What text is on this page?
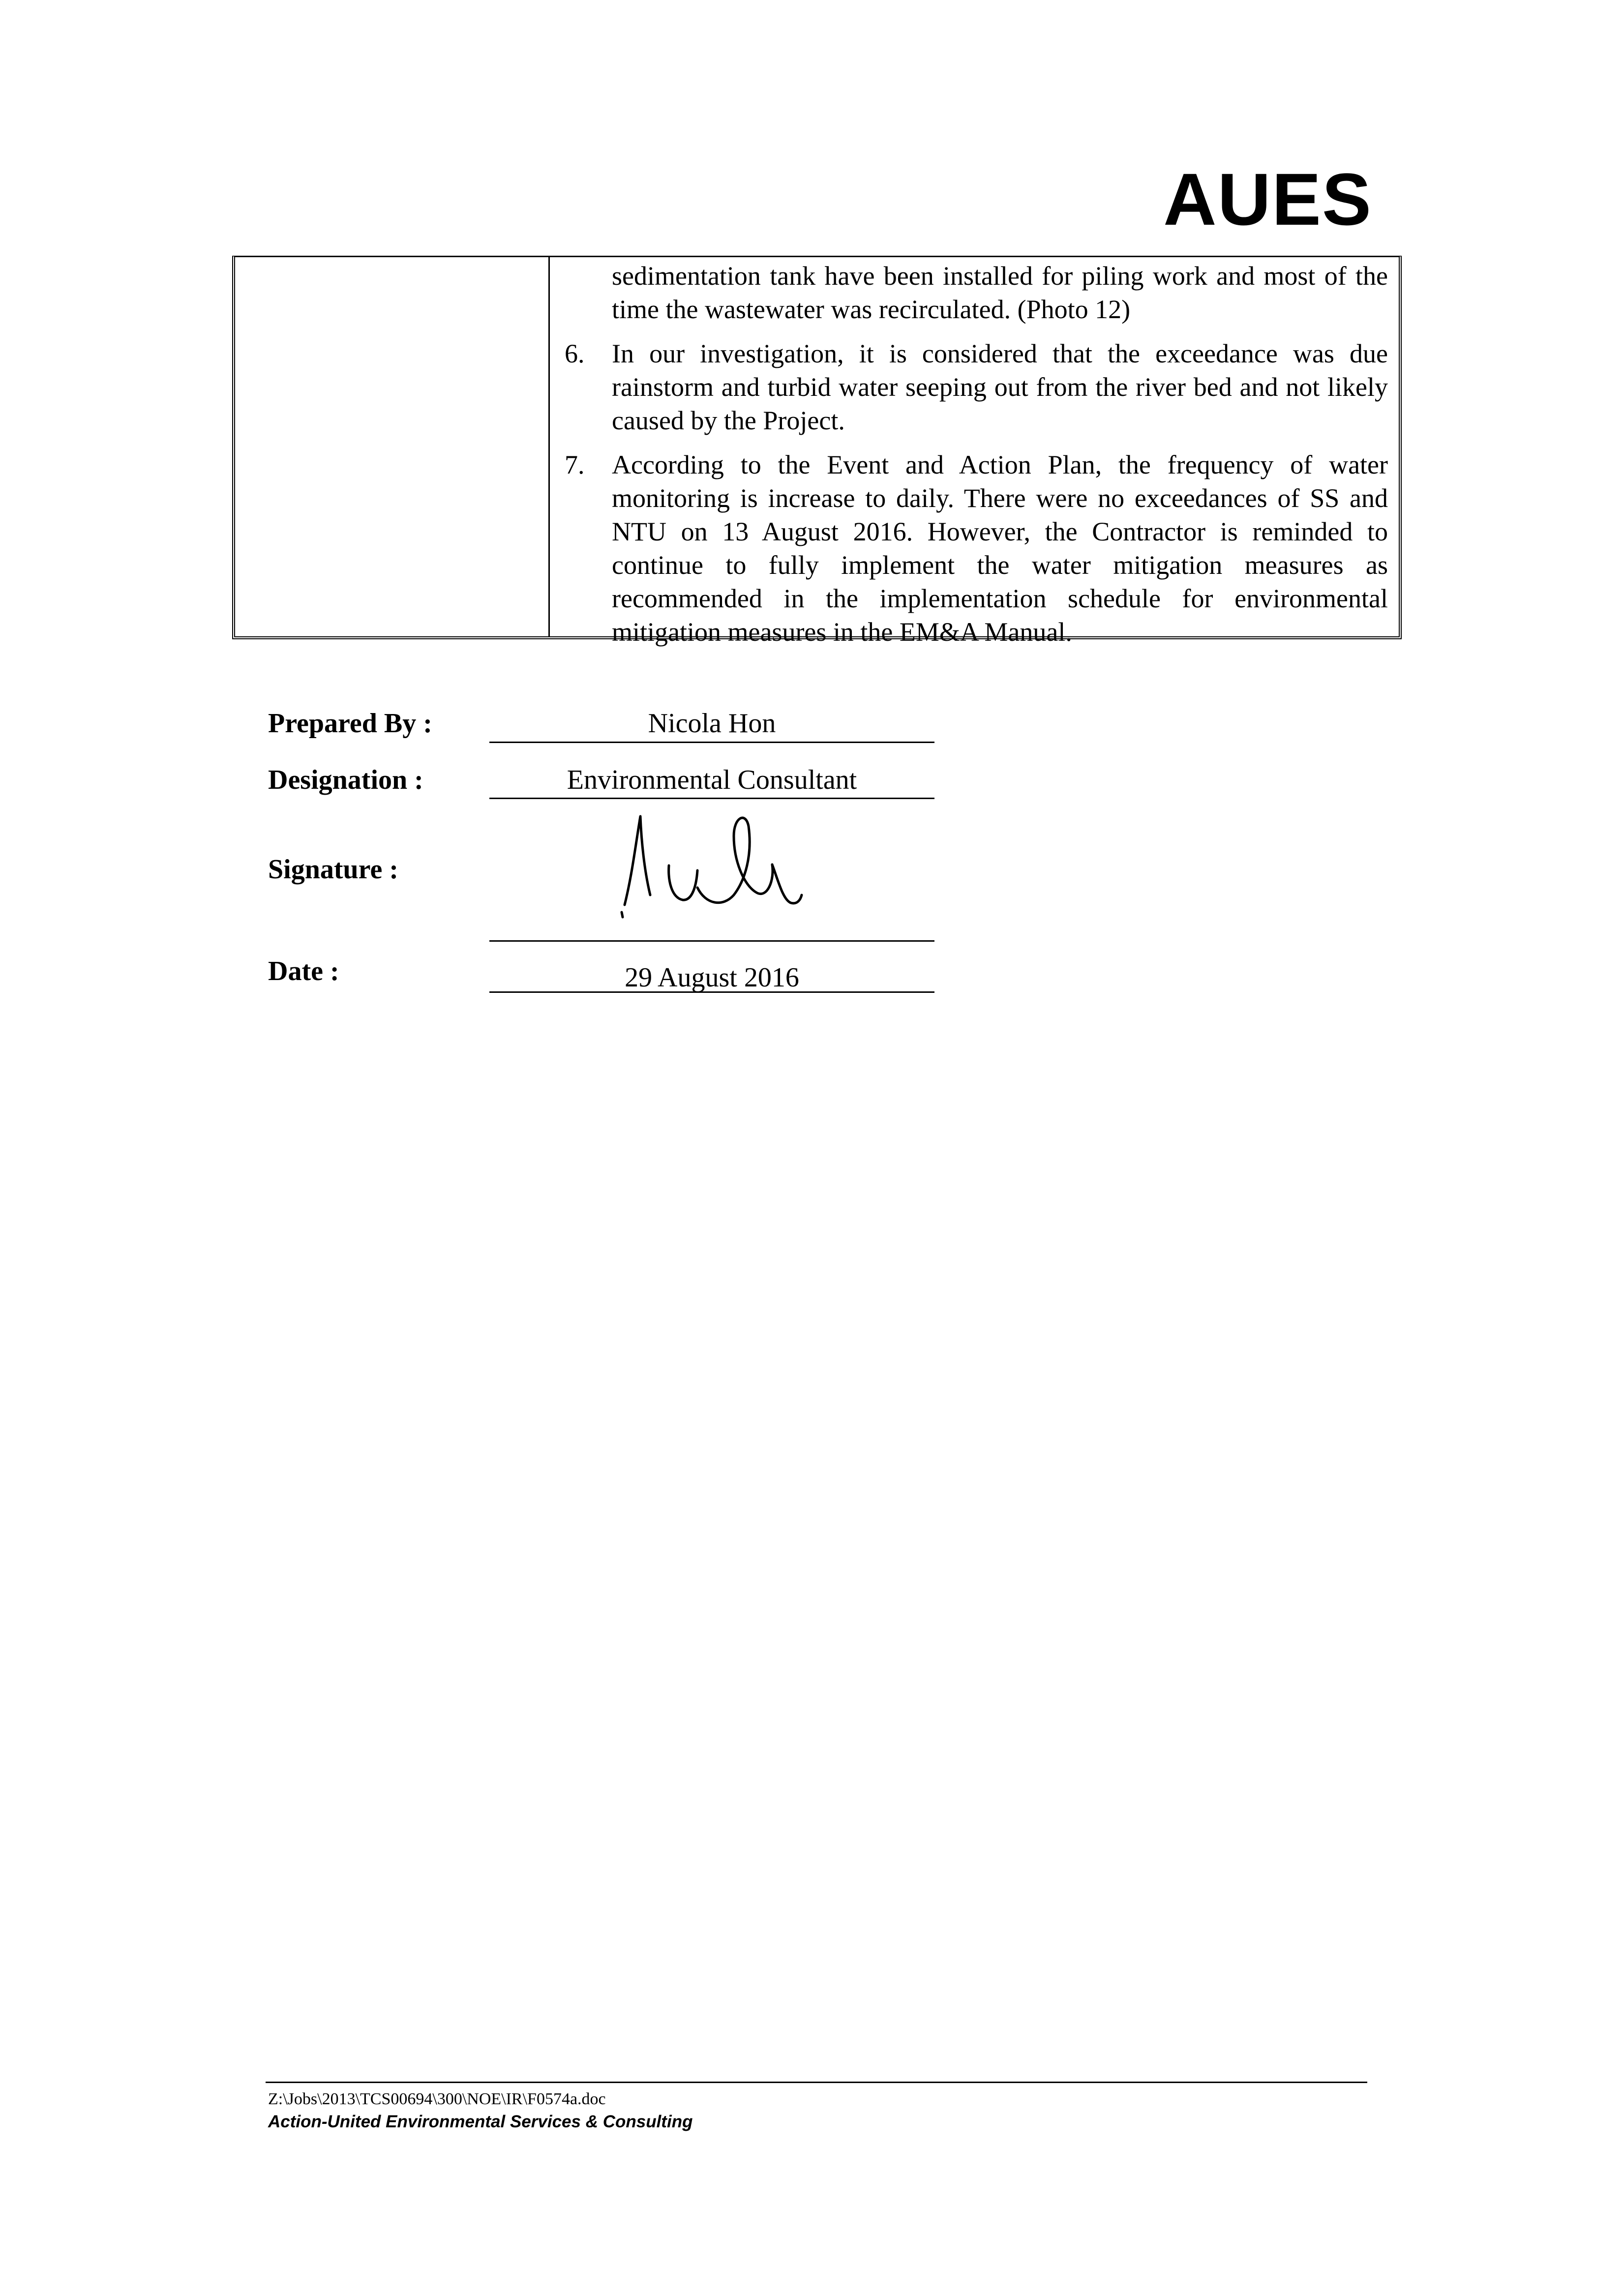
AUES
sedimentation tank have been installed for piling work and most of the time the wastewater was recirculated. (Photo 12)
6.	In our investigation, it is considered that the exceedance was due rainstorm and turbid water seeping out from the river bed and not likely caused by the Project.
7.	According to the Event and Action Plan, the frequency of water monitoring is increase to daily. There were no exceedances of SS and NTU on 13 August 2016. However, the Contractor is reminded to continue to fully implement the water mitigation measures as recommended in the implementation schedule for environmental mitigation measures in the EM&A Manual.
Prepared By :	Nicola Hon
Designation :	Environmental Consultant
Signature :
Date :	29 August 2016
Z:\Jobs\2013\TCS00694\300\NOE\IR\F0574a.doc
Action-United Environmental Services & Consulting
